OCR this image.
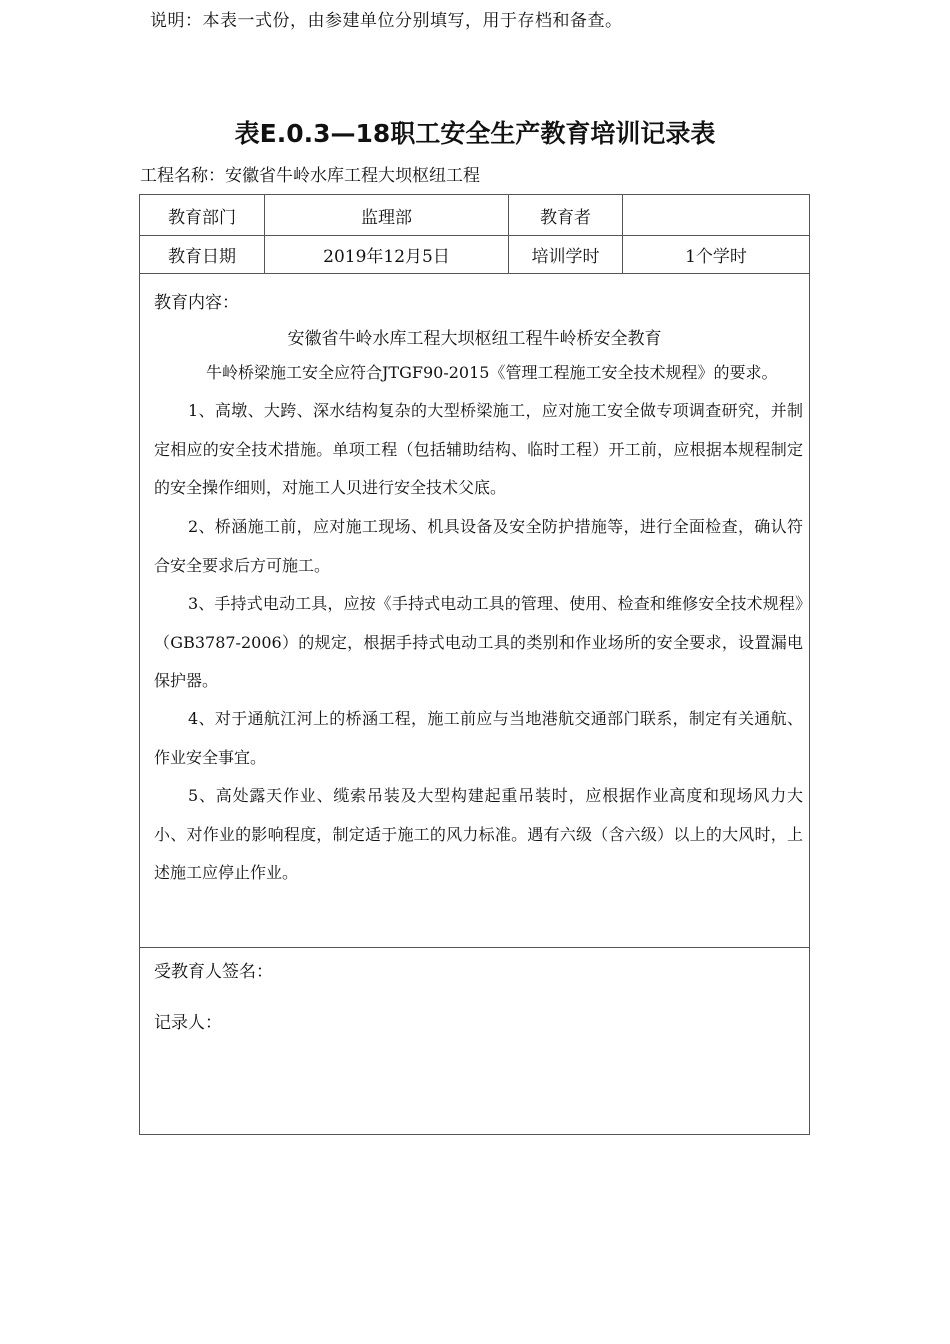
说明：本表一式份，由参建单位分别填写，用于存档和备查。
表E.0.3—18职工安全生产教育培训记录表
工程名称：安徽省牛岭水库工程大坝枢纽工程
教育部门	监理部	教育者
教育日期	2019年12月5日	培训学时	1个学时
教育内容：
安徽省牛岭水库工程大坝枢纽工程牛岭桥安全教育
牛岭桥梁施工安全应符合JTGF90-2015《管理工程施工安全技术规程》的要求。
1、高墩、大跨、深水结构复杂的大型桥梁施工，应对施工安全做专项调查研究，并制定相应的安全技术措施。单项工程（包括辅助结构、临时工程）开工前，应根据本规程制定的安全操作细则，对施工人贝进行安全技术父底。
2、桥涵施工前，应对施工现场、机具设备及安全防护措施等，进行全面检查，确认符合安全要求后方可施工。
3、手持式电动工具，应按《手持式电动工具的管理、使用、检查和维修安全技术规程》（GB3787-2006）的规定，根据手持式电动工具的类别和作业场所的安全要求，设置漏电保护器。
4、对于通航江河上的桥涵工程，施工前应与当地港航交通部门联系，制定有关通航、作业安全事宜。
5、高处露天作业、缆索吊装及大型构建起重吊装时，应根据作业高度和现场风力大小、对作业的影响程度，制定适于施工的风力标准。遇有六级（含六级）以上的大风时，上述施工应停止作业。
记录人：
受教育人签名：
